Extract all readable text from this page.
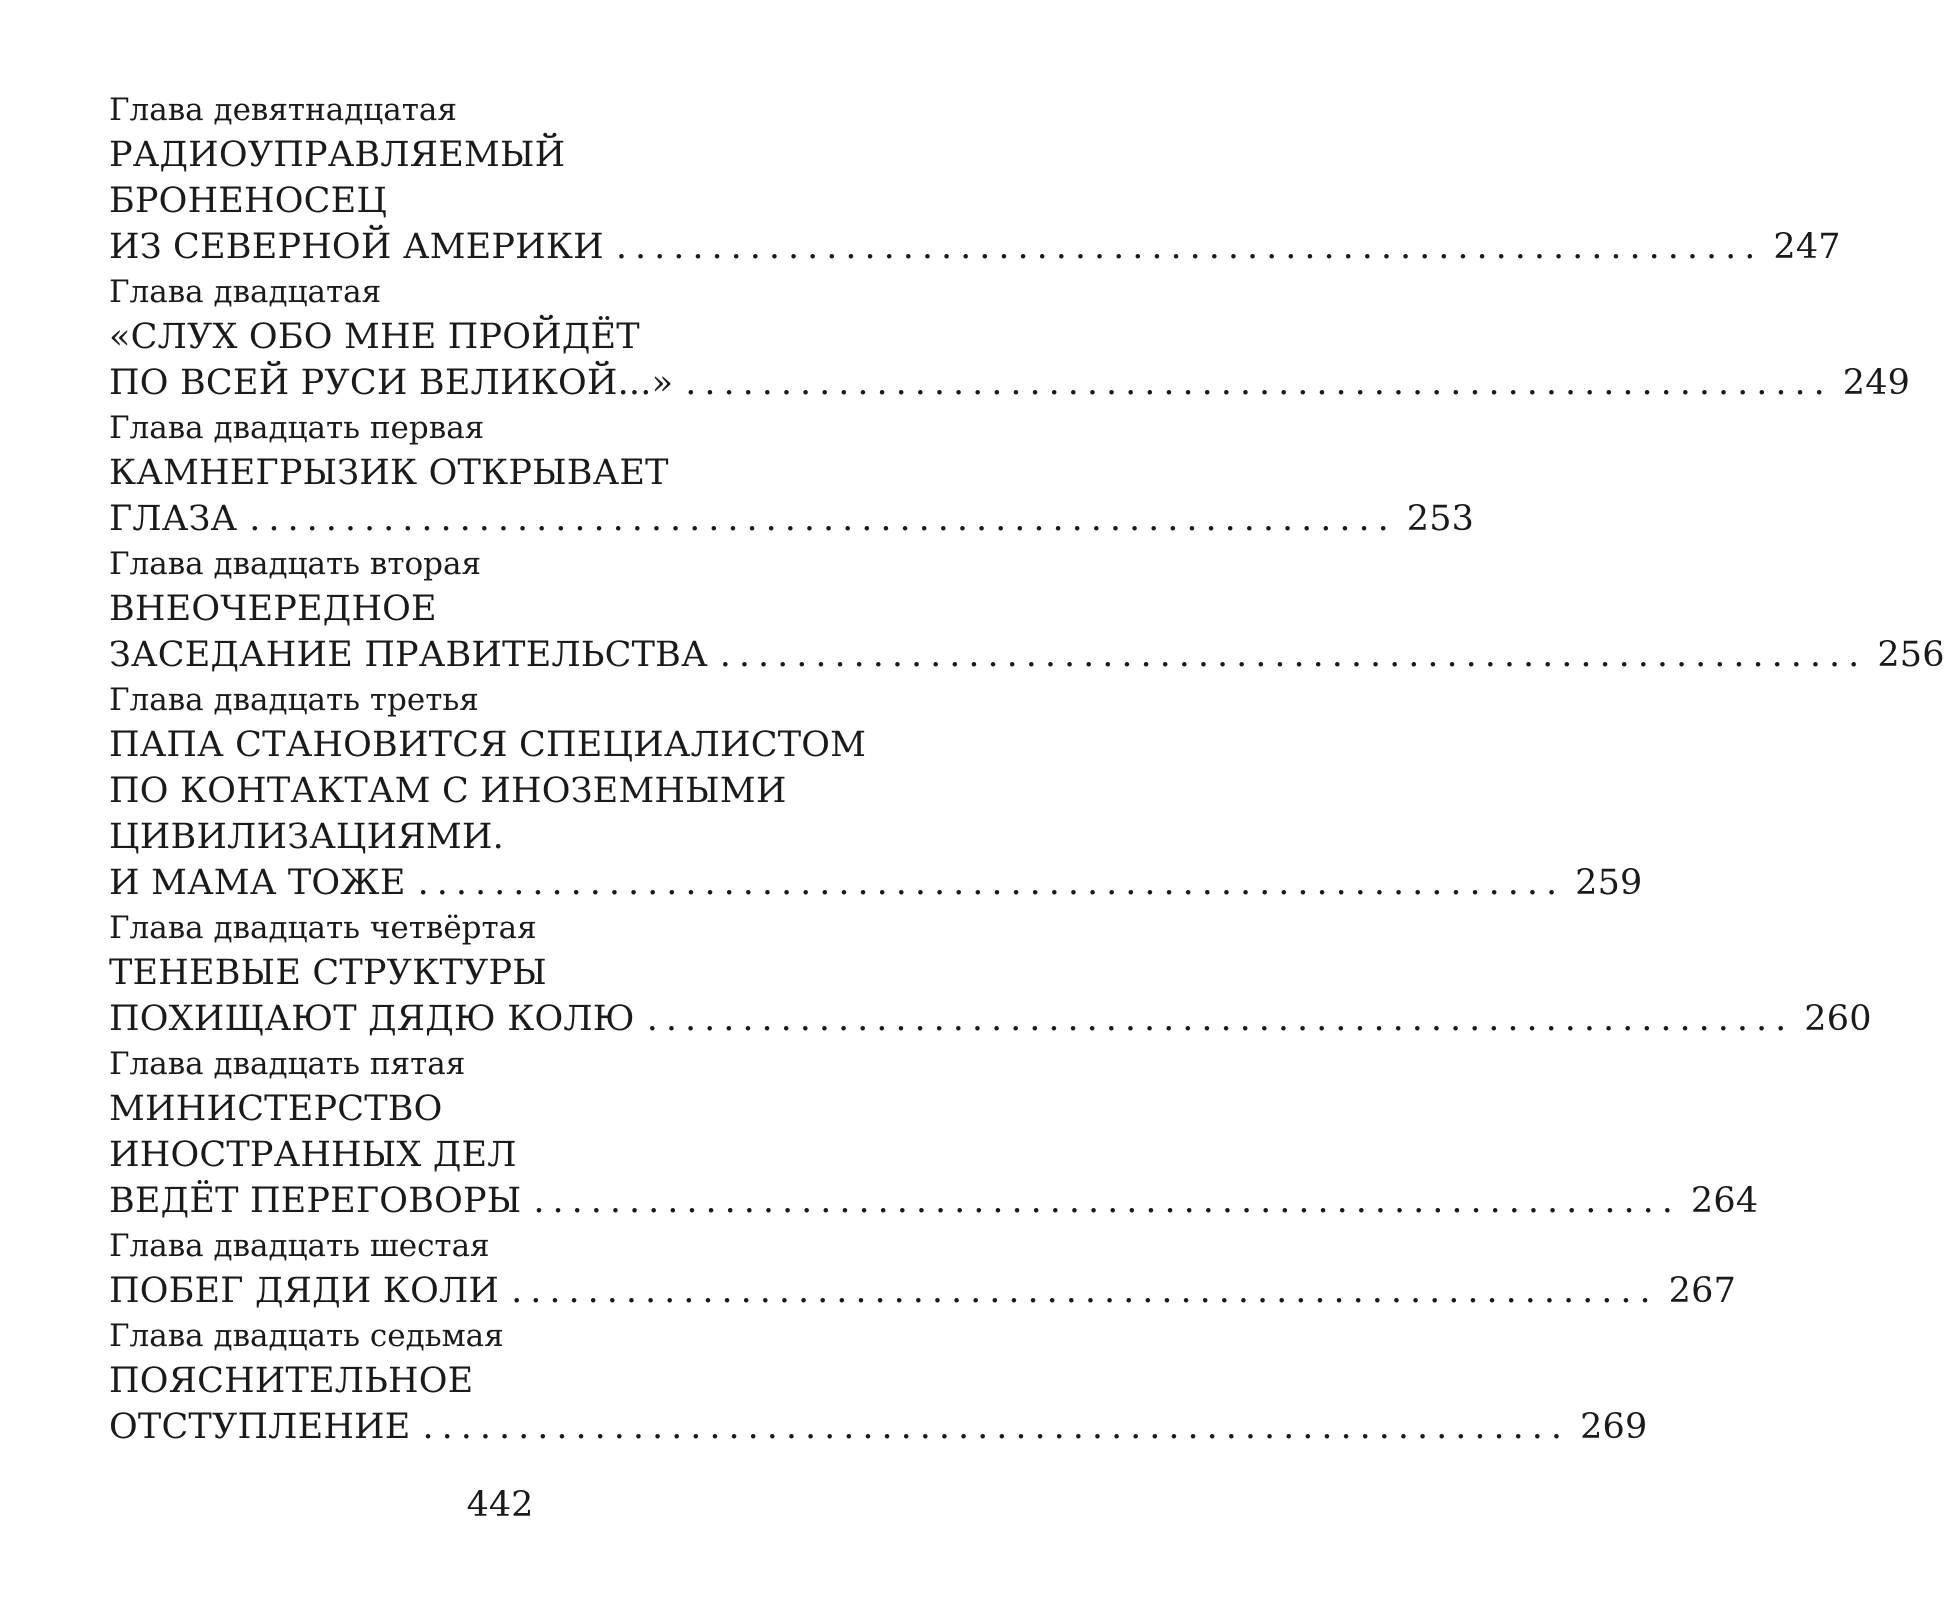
Глава девятнадцатая
РАДИОУПРАВЛЯЕМЫЙ
БРОНЕНОСЕЦ
ИЗ СЕВЕРНОЙ АМЕРИКИ ............................................................ 247
Глава двадцатая
«СЛУХ ОБО МНЕ ПРОЙДЁТ
ПО ВСЕЙ РУСИ ВЕЛИКОЙ...» ............................................................ 249
Глава двадцать первая
КАМНЕГРЫЗИК ОТКРЫВАЕТ
ГЛАЗА ............................................................ 253
Глава двадцать вторая
ВНЕОЧЕРЕДНОЕ
ЗАСЕДАНИЕ ПРАВИТЕЛЬСТВА ............................................................ 256
Глава двадцать третья
ПАПА СТАНОВИТСЯ СПЕЦИАЛИСТОМ
ПО КОНТАКТАМ С ИНОЗЕМНЫМИ
ЦИВИЛИЗАЦИЯМИ.
И МАМА ТОЖЕ ............................................................ 259
Глава двадцать четвёртая
ТЕНЕВЫЕ СТРУКТУРЫ
ПОХИЩАЮТ ДЯДЮ КОЛЮ ............................................................ 260
Глава двадцать пятая
МИНИСТЕРСТВО
ИНОСТРАННЫХ ДЕЛ
ВЕДЁТ ПЕРЕГОВОРЫ ............................................................ 264
Глава двадцать шестая
ПОБЕГ ДЯДИ КОЛИ ............................................................ 267
Глава двадцать седьмая
ПОЯСНИТЕЛЬНОЕ
ОТСТУПЛЕНИЕ ............................................................ 269
442
